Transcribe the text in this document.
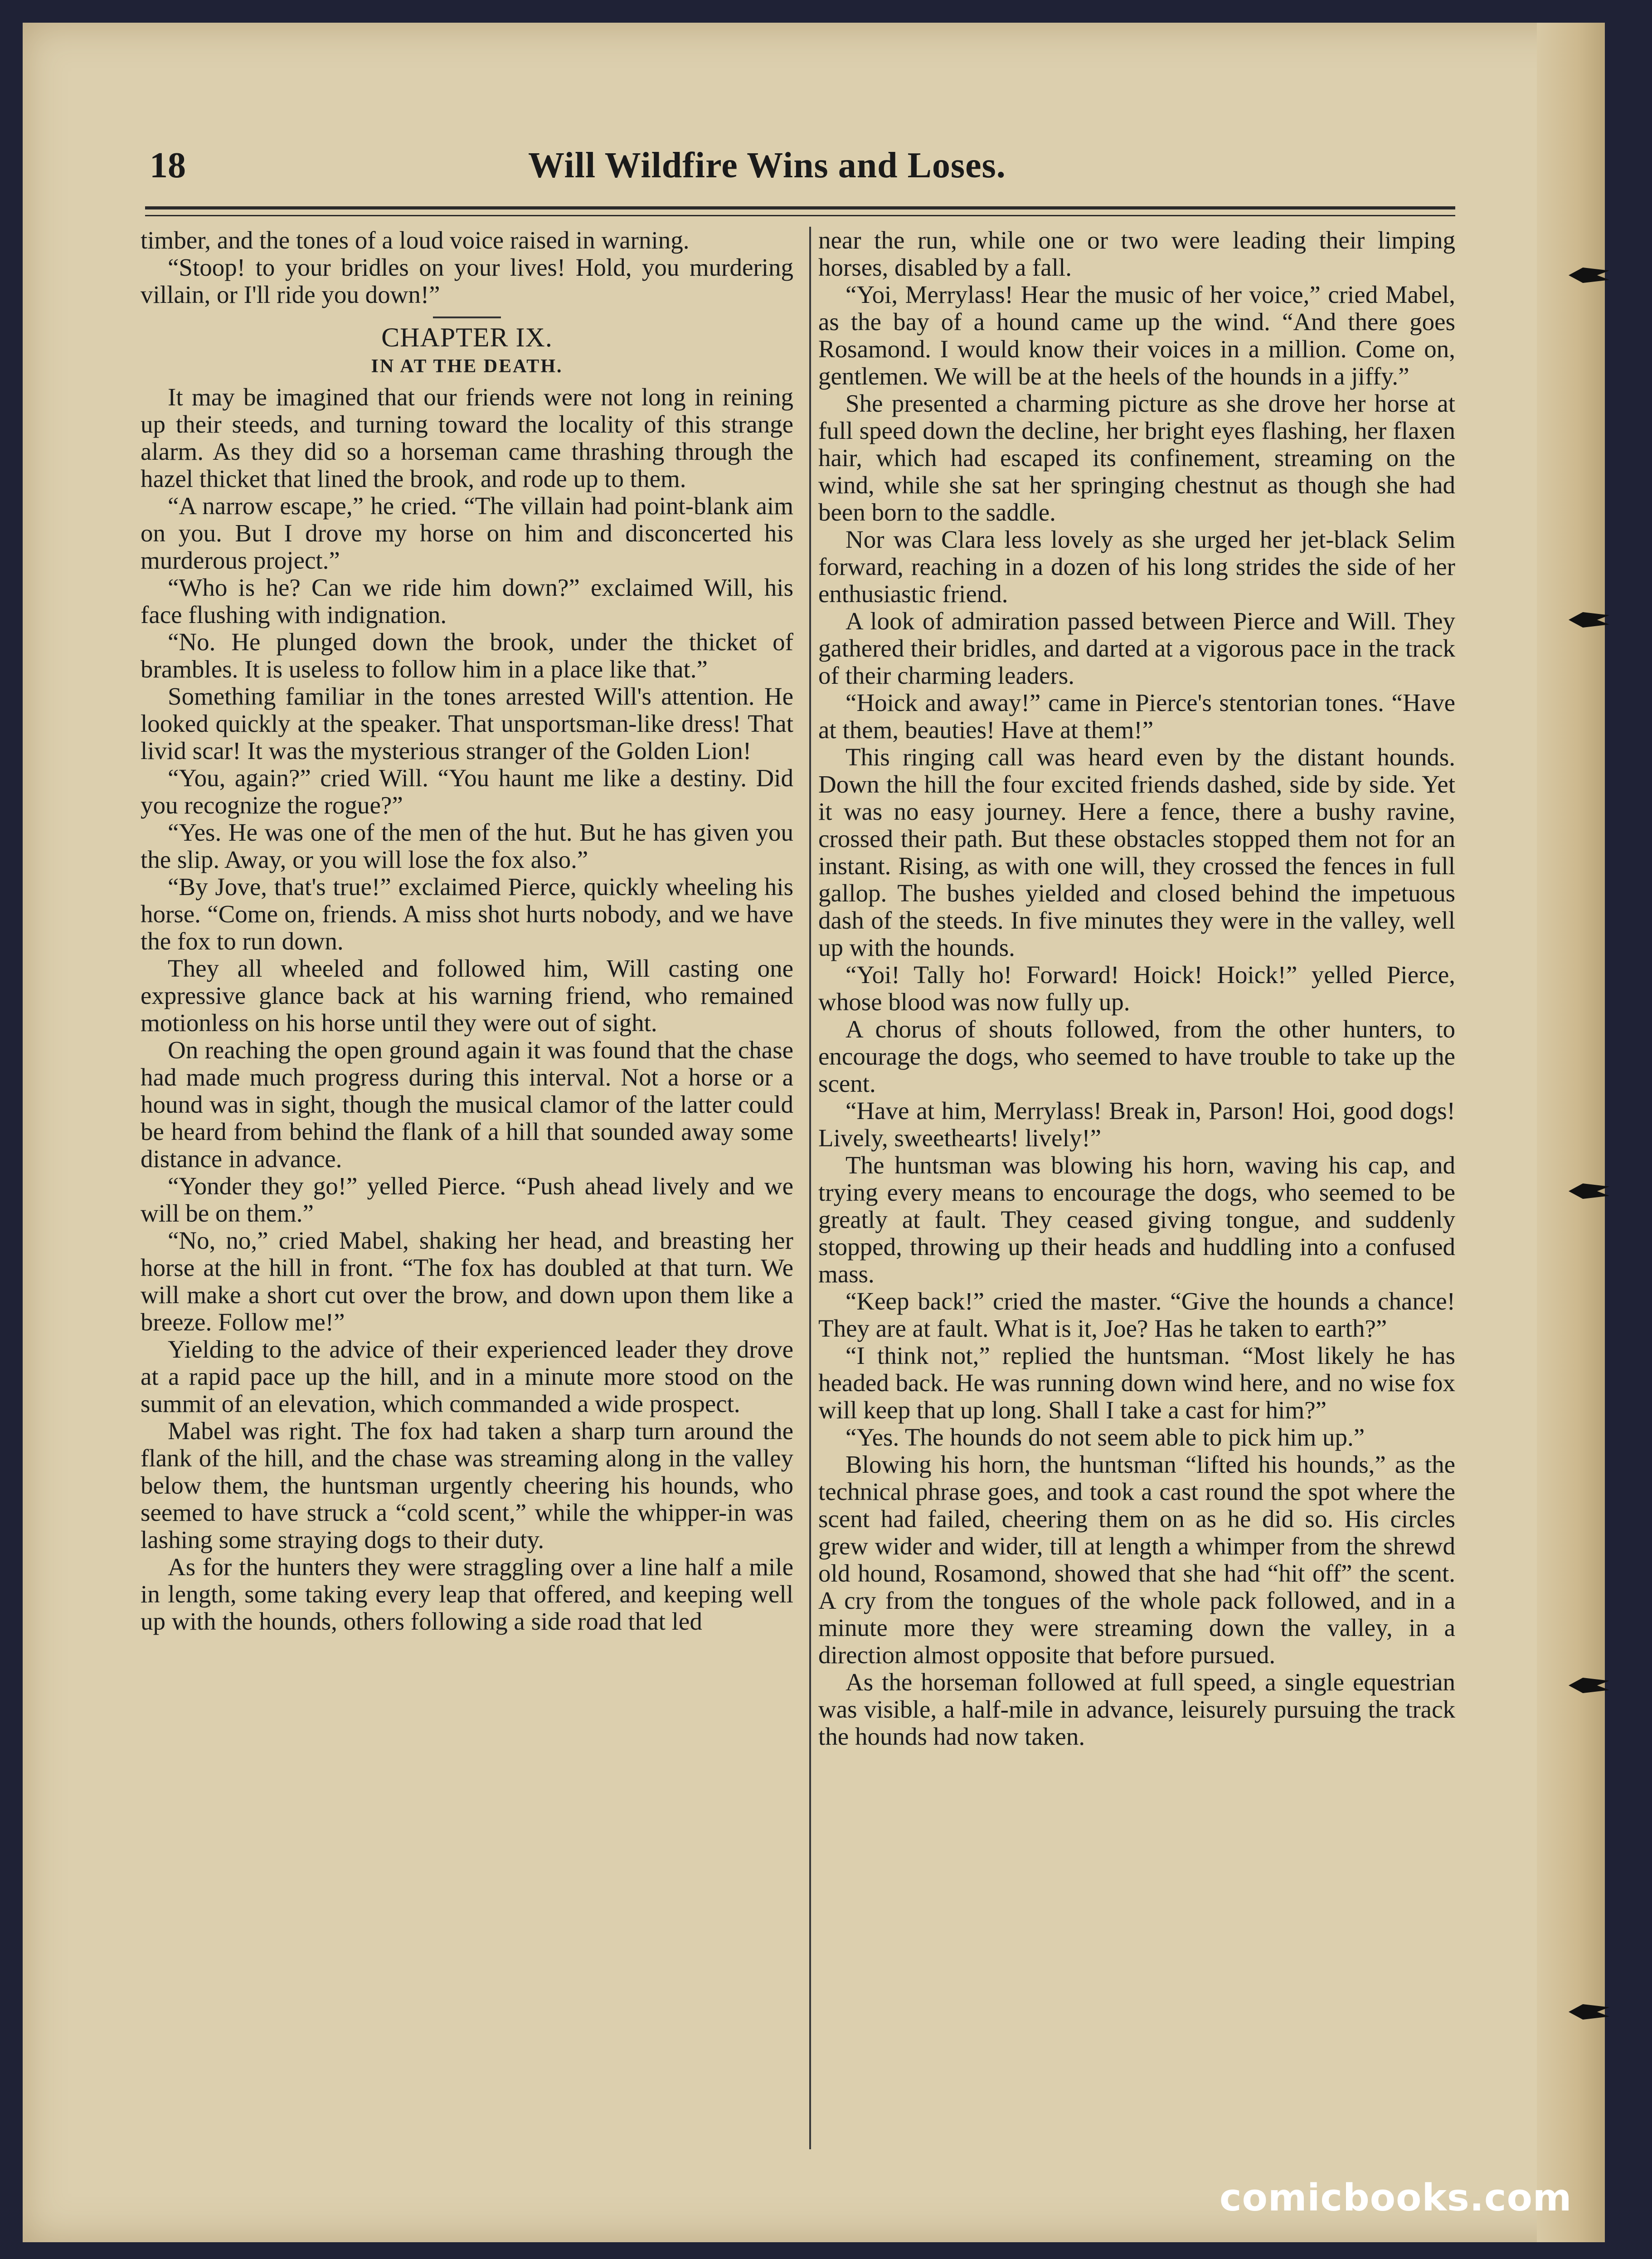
18	Will Wildfire Wins and Loses.

timber, and the tones of a loud voice raised in warning.

“Stoop! to your bridles on your lives! Hold, you murdering villain, or I'll ride you down!”

CHAPTER IX.
IN AT THE DEATH.

It may be imagined that our friends were not long in reining up their steeds, and turning toward the locality of this strange alarm. As they did so a horseman came thrashing through the hazel thicket that lined the brook, and rode up to them.

“A narrow escape,” he cried. “The villain had point-blank aim on you. But I drove my horse on him and disconcerted his murderous project.”

“Who is he? Can we ride him down?” exclaimed Will, his face flushing with indignation.

“No. He plunged down the brook, under the thicket of brambles. It is useless to follow him in a place like that.”

Something familiar in the tones arrested Will's attention. He looked quickly at the speaker. That unsportsman-like dress! That livid scar! It was the mysterious stranger of the Golden Lion!

“You, again?” cried Will. “You haunt me like a destiny. Did you recognize the rogue?”

“Yes. He was one of the men of the hut. But he has given you the slip. Away, or you will lose the fox also.”

“By Jove, that's true!” exclaimed Pierce, quickly wheeling his horse. “Come on, friends. A miss shot hurts nobody, and we have the fox to run down.

They all wheeled and followed him, Will casting one expressive glance back at his warning friend, who remained motionless on his horse until they were out of sight.

On reaching the open ground again it was found that the chase had made much progress during this interval. Not a horse or a hound was in sight, though the musical clamor of the latter could be heard from behind the flank of a hill that sounded away some distance in advance.

“Yonder they go!” yelled Pierce. “Push ahead lively and we will be on them.”

“No, no,” cried Mabel, shaking her head, and breasting her horse at the hill in front. “The fox has doubled at that turn. We will make a short cut over the brow, and down upon them like a breeze. Follow me!”

Yielding to the advice of their experienced leader they drove at a rapid pace up the hill, and in a minute more stood on the summit of an elevation, which commanded a wide prospect.

Mabel was right. The fox had taken a sharp turn around the flank of the hill, and the chase was streaming along in the valley below them, the huntsman urgently cheering his hounds, who seemed to have struck a “cold scent,” while the whipper-in was lashing some straying dogs to their duty.

As for the hunters they were straggling over a line half a mile in length, some taking every leap that offered, and keeping well up with the hounds, others following a side road that led

near the run, while one or two were leading their limping horses, disabled by a fall.

“Yoi, Merrylass! Hear the music of her voice,” cried Mabel, as the bay of a hound came up the wind. “And there goes Rosamond. I would know their voices in a million. Come on, gentlemen. We will be at the heels of the hounds in a jiffy.”

She presented a charming picture as she drove her horse at full speed down the decline, her bright eyes flashing, her flaxen hair, which had escaped its confinement, streaming on the wind, while she sat her springing chestnut as though she had been born to the saddle.

Nor was Clara less lovely as she urged her jet-black Selim forward, reaching in a dozen of his long strides the side of her enthusiastic friend.

A look of admiration passed between Pierce and Will. They gathered their bridles, and darted at a vigorous pace in the track of their charming leaders.

“Hoick and away!” came in Pierce's stentorian tones. “Have at them, beauties! Have at them!”

This ringing call was heard even by the distant hounds. Down the hill the four excited friends dashed, side by side. Yet it was no easy journey. Here a fence, there a bushy ravine, crossed their path. But these obstacles stopped them not for an instant. Rising, as with one will, they crossed the fences in full gallop. The bushes yielded and closed behind the impetuous dash of the steeds. In five minutes they were in the valley, well up with the hounds.

“Yoi! Tally ho! Forward! Hoick! Hoick!” yelled Pierce, whose blood was now fully up.

A chorus of shouts followed, from the other hunters, to encourage the dogs, who seemed to have trouble to take up the scent.

“Have at him, Merrylass! Break in, Parson! Hoi, good dogs! Lively, sweethearts! lively!”

The huntsman was blowing his horn, waving his cap, and trying every means to encourage the dogs, who seemed to be greatly at fault. They ceased giving tongue, and suddenly stopped, throwing up their heads and huddling into a confused mass.

“Keep back!” cried the master. “Give the hounds a chance! They are at fault. What is it, Joe? Has he taken to earth?”

“I think not,” replied the huntsman. “Most likely he has headed back. He was running down wind here, and no wise fox will keep that up long. Shall I take a cast for him?”

“Yes. The hounds do not seem able to pick him up.”

Blowing his horn, the huntsman “lifted his hounds,” as the technical phrase goes, and took a cast round the spot where the scent had failed, cheering them on as he did so. His circles grew wider and wider, till at length a whimper from the shrewd old hound, Rosamond, showed that she had “hit off” the scent. A cry from the tongues of the whole pack followed, and in a minute more they were streaming down the valley, in a direction almost opposite that before pursued.

As the horseman followed at full speed, a single equestrian was visible, a half-mile in advance, leisurely pursuing the track the hounds had now taken.

comicbooks.com
